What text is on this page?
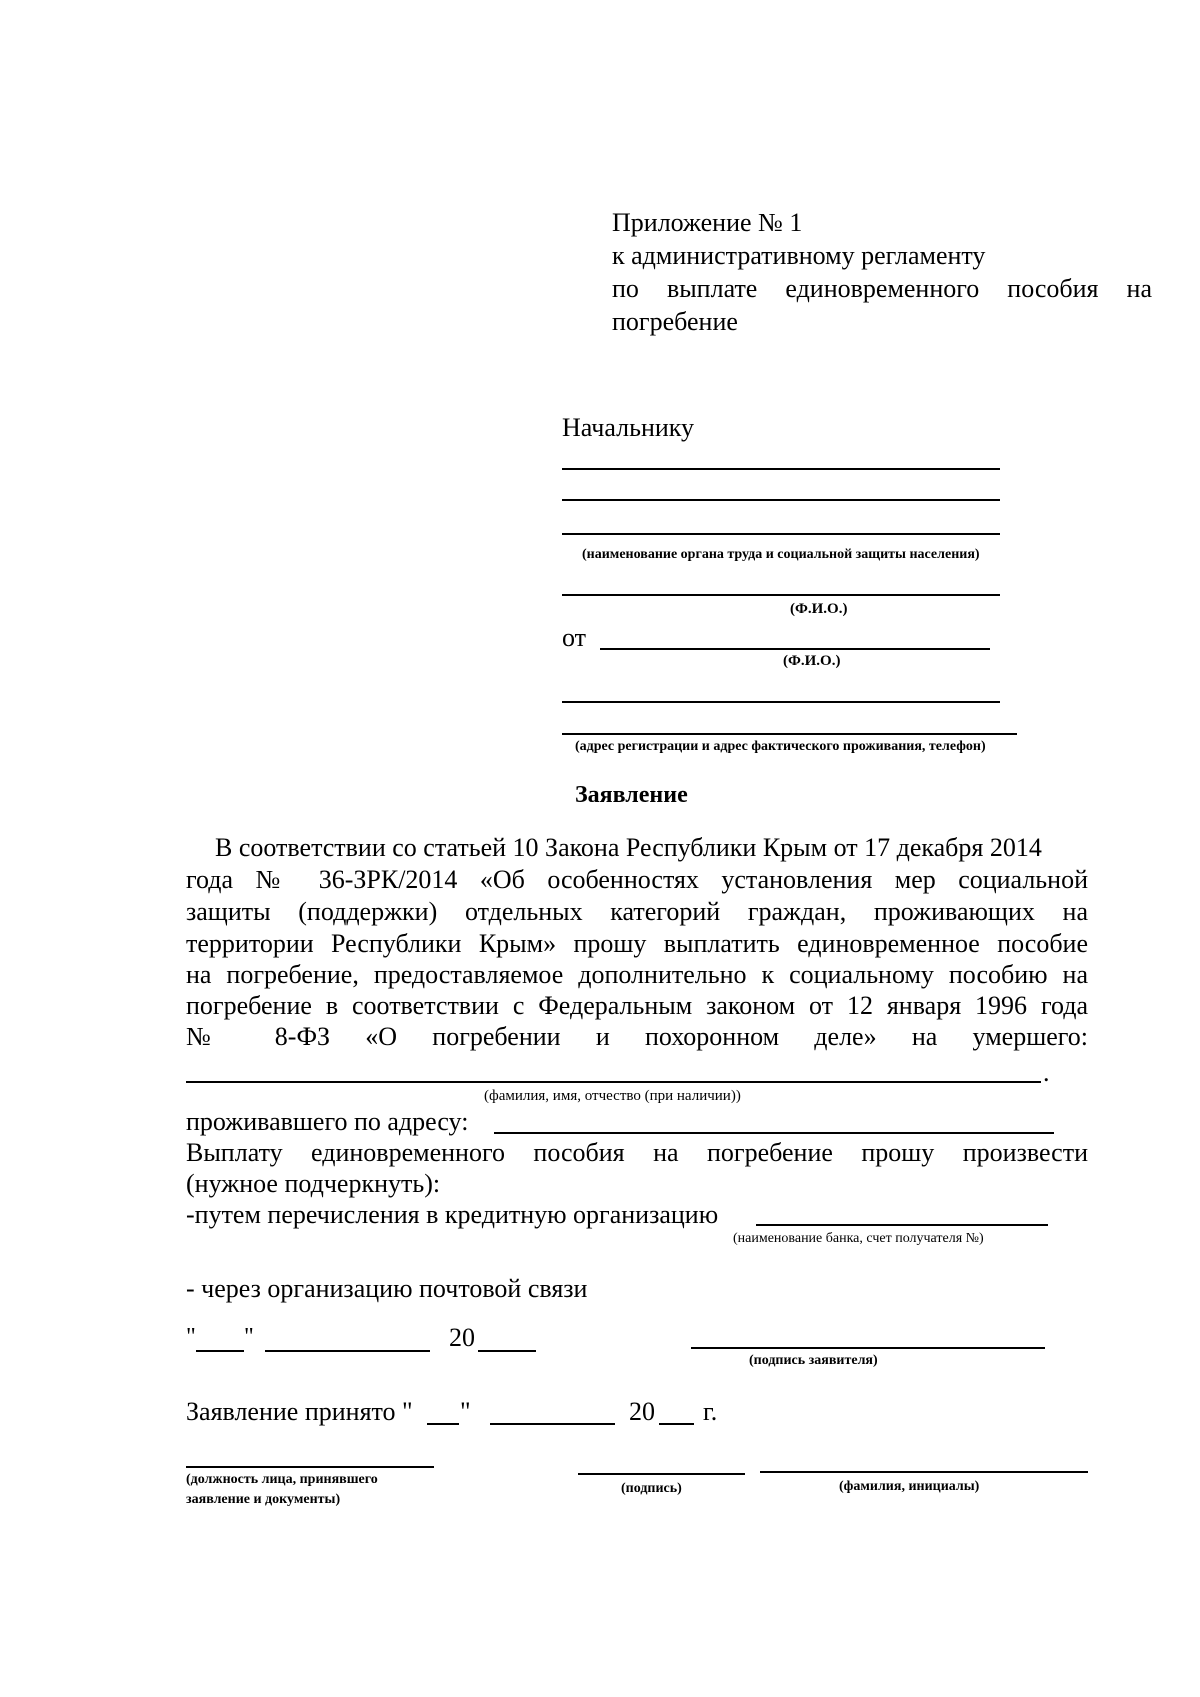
Приложение № 1
к административному регламенту
по выплате единовременного пособия на
погребение
Начальнику
(наименование органа труда и социальной защиты населения)
(Ф.И.О.)
от
(Ф.И.О.)
(адрес регистрации и адрес фактического проживания, телефон)
Заявление
В соответствии со статьей 10 Закона Республики Крым от 17 декабря 2014
года № 36-ЗРК/2014 «Об особенностях установления мер социальной
защиты (поддержки) отдельных категорий граждан, проживающих на
территории Республики Крым» прошу выплатить единовременное пособие
на погребение, предоставляемое дополнительно к социальному пособию на
погребение в соответствии с Федеральным законом от 12 января 1996 года
№ 8-ФЗ «О погребении и похоронном деле» на умершего:
.
(фамилия, имя, отчество (при наличии))
проживавшего по адресу:
Выплату единовременного пособия на погребение прошу произвести
(нужное подчеркнуть):
-путем перечисления в кредитную организацию
(наименование банка, счет получателя №)
- через организацию почтовой связи
" "	20
(подпись заявителя)
Заявление принято " "	20 г.
(должность лица, принявшего
заявление и документы)
(подпись)	(фамилия, инициалы)
